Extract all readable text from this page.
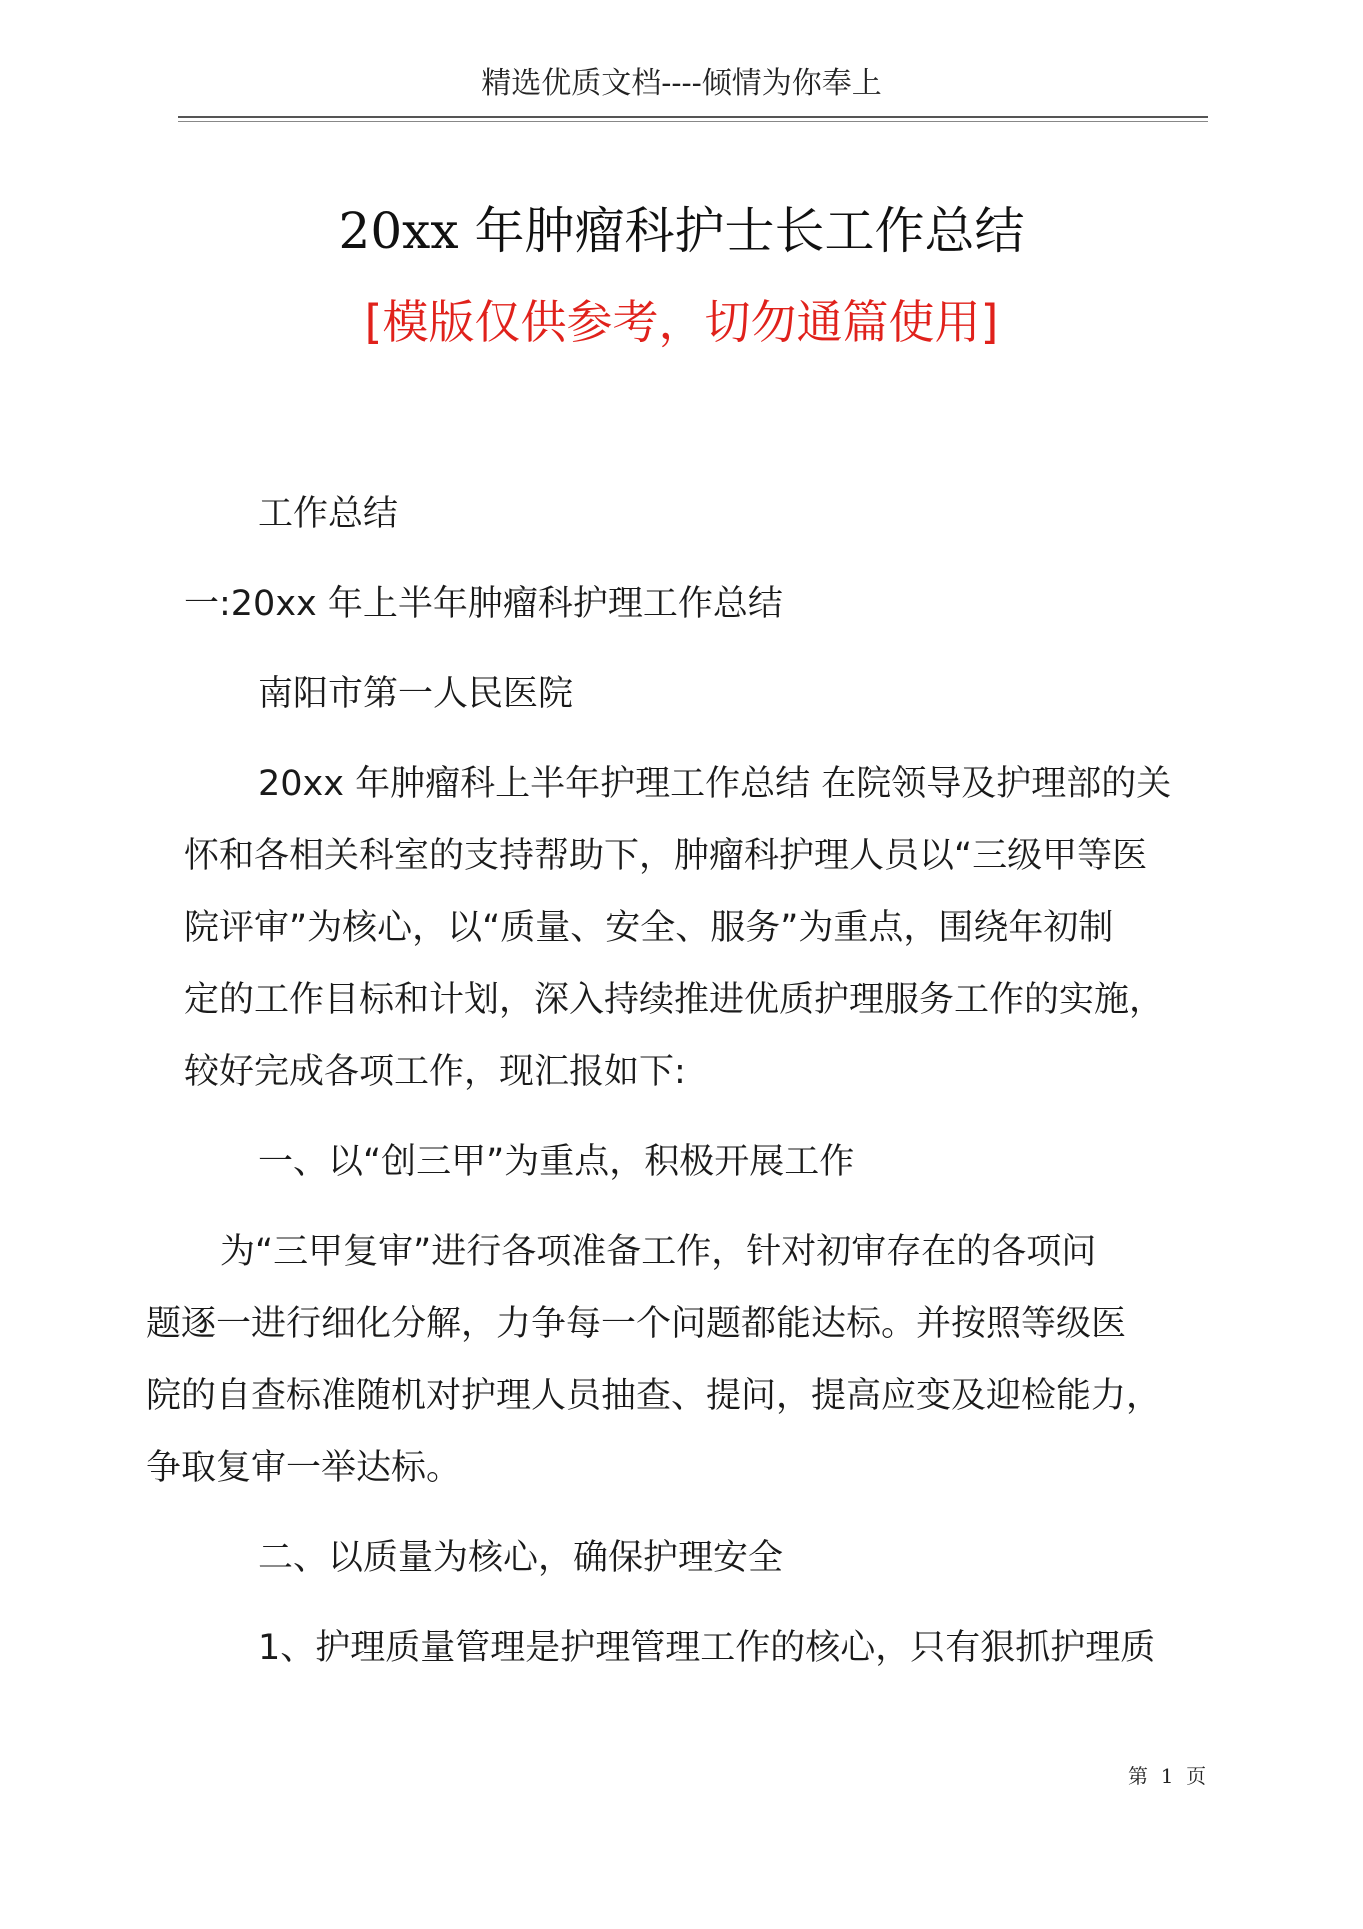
精选优质文档----倾情为你奉上
20xx 年肿瘤科护士长工作总结
[模版仅供参考，切勿通篇使用]
工作总结
一:20xx 年上半年肿瘤科护理工作总结
南阳市第一人民医院
20xx 年肿瘤科上半年护理工作总结 在院领导及护理部的关
怀和各相关科室的支持帮助下，肿瘤科护理人员以“三级甲等医
院评审”为核心，以“质量、安全、服务”为重点，围绕年初制
定的工作目标和计划，深入持续推进优质护理服务工作的实施，
较好完成各项工作，现汇报如下:
一、以“创三甲”为重点，积极开展工作
为“三甲复审”进行各项准备工作，针对初审存在的各项问
题逐一进行细化分解，力争每一个问题都能达标。并按照等级医
院的自查标准随机对护理人员抽查、提问，提高应变及迎检能力，
争取复审一举达标。
二、以质量为核心，确保护理安全
1、护理质量管理是护理管理工作的核心，只有狠抓护理质
第  1  页
